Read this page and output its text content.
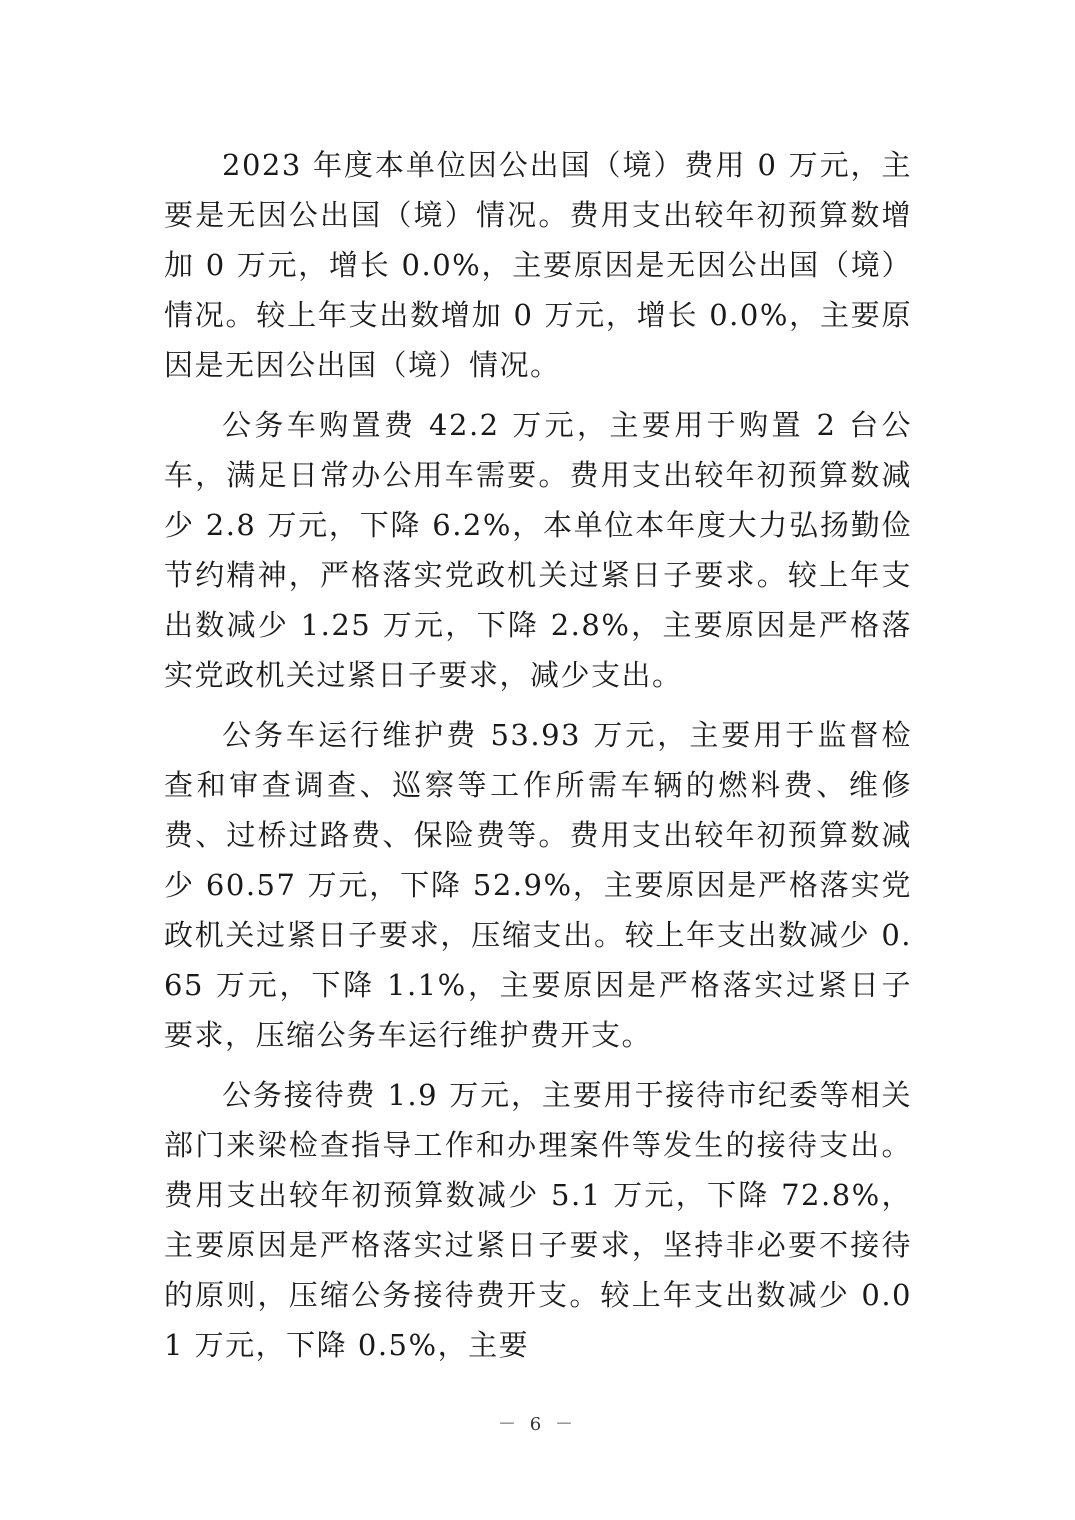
2023 年度本单位因公出国（境）费用 0 万元，主要是无因公出国（境）情况。费用支出较年初预算数增加 0 万元，增长 0.0%，主要原因是无因公出国（境）情况。较上年支出数增加 0 万元，增长 0.0%，主要原因是无因公出国（境）情况。

公务车购置费 42.2 万元，主要用于购置 2 台公车，满足日常办公用车需要。费用支出较年初预算数减少 2.8 万元，下降 6.2%，本单位本年度大力弘扬勤俭节约精神，严格落实党政机关过紧日子要求。较上年支出数减少 1.25 万元，下降 2.8%，主要原因是严格落实党政机关过紧日子要求，减少支出。

公务车运行维护费 53.93 万元，主要用于监督检查和审查调查、巡察等工作所需车辆的燃料费、维修费、过桥过路费、保险费等。费用支出较年初预算数减少 60.57 万元，下降 52.9%，主要原因是严格落实党政机关过紧日子要求，压缩支出。较上年支出数减少 0.65 万元，下降 1.1%，主要原因是严格落实过紧日子要求，压缩公务车运行维护费开支。

公务接待费 1.9 万元，主要用于接待市纪委等相关部门来梁检查指导工作和办理案件等发生的接待支出。费用支出较年初预算数减少 5.1 万元，下降 72.8%，主要原因是严格落实过紧日子要求，坚持非必要不接待的原则，压缩公务接待费开支。较上年支出数减少 0.01 万元，下降 0.5%，主要

－ 6 －
